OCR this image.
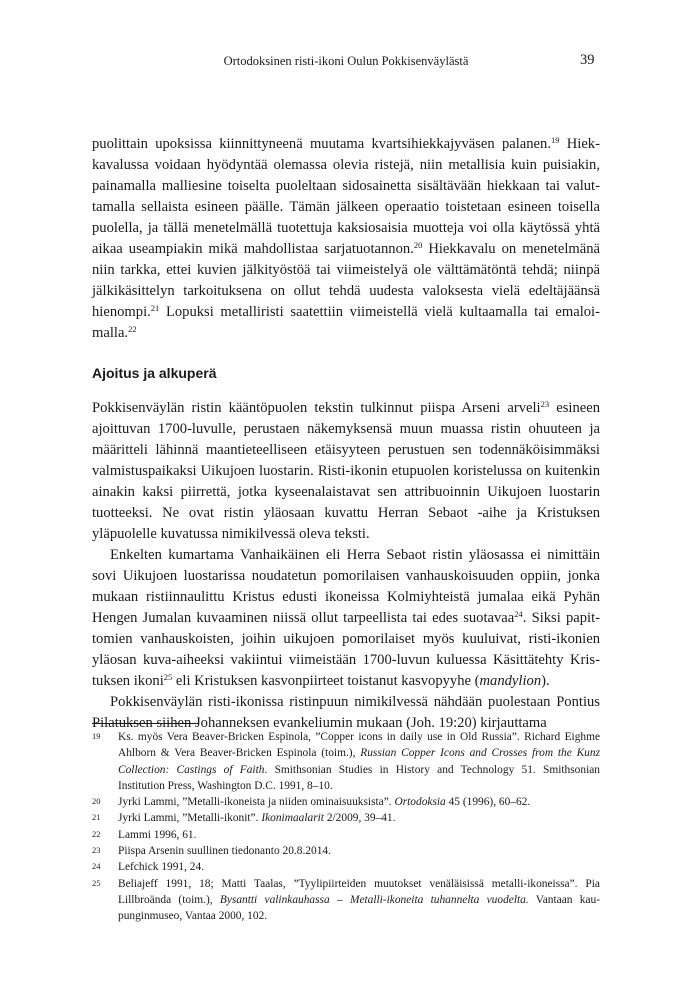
Ortodoksinen risti-ikoni Oulun Pokkisenväylästä	39

puolittain upoksissa kiinnittyneenä muutama kvartsihiekkajyväsen palanen.$^{19}$ Hiekkavalussa voidaan hyödyntää olemassa olevia ristejä, niin metallisia kuin puisiakin, painamalla malliesine toiselta puoleltaan sidosainetta sisältävään hiekkaan tai valuttamalla sellaista esineen päälle. Tämän jälkeen operaatio toistetaan esineen toisella puolella, ja tällä menetelmällä tuotettuja kaksiosaisia muotteja voi olla käytössä yhtä aikaa useampiakin mikä mahdollistaa sarjatuotannon.$^{20}$ Hiekkavalu on menetelmänä niin tarkka, ettei kuvien jälkityöstöä tai viimeistelyä ole välttämätöntä tehdä; niinpä jälkikäsittelyn tarkoituksena on ollut tehdä uudesta valoksesta vielä edeltäjäänsä hienompi.$^{21}$ Lopuksi metalliristi saatettiin viimeistellä vielä kultaamalla tai emaloimalla.$^{22}$

Ajoitus ja alkuperä

Pokkisenväylän ristin kääntöpuolen tekstin tulkinnut piispa Arseni arveli$^{23}$ esineen ajoittuvan 1700-luvulle, perustaen näkemyksensä muun muassa ristin ohuuteen ja määritteli lähinnä maantieteelliseen etäisyyteen perustuen sen todennäköisimmäksi valmistuspaikaksi Uikujoen luostarin. Risti-ikonin etupuolen koristelussa on kuitenkin ainakin kaksi piirrettä, jotka kyseenalaistavat sen attribuoinnin Uikujoen luostarin tuotteeksi. Ne ovat ristin yläosaan kuvattu Herran Sebaot -aihe ja Kristuksen yläpuolelle kuvatussa nimikilvessä oleva teksti.

Enkelten kumartama Vanhaikäinen eli Herra Sebaot ristin yläosassa ei nimittäin sovi Uikujoen luostarissa noudatetun pomorilaisen vanhauskoisuuden oppiin, jonka mukaan ristiinnaulittu Kristus edusti ikoneissa Kolmiyhteistä jumalaa eikä Pyhän Hengen Jumalan kuvaaminen niissä ollut tarpeellista tai edes suotavaa$^{24}$. Siksi papittomien vanhauskoisten, joihin uikujoen pomorilaiset myös kuuluivat, risti-ikonien yläosan kuva-aiheeksi vakiintui viimeistään 1700-luvun kuluessa Käsittätehty Kristuksen ikoni$^{25}$ eli Kristuksen kasvonpiirteet toistanut kasvopyyhe (mandylion).

Pokkisenväylän risti-ikonissa ristinpuun nimikilvessä nähdään puolestaan Pontius Pilatuksen siihen Johanneksen evankeliumin mukaan (Joh. 19:20) kirjauttama

19	Ks. myös Vera Beaver-Bricken Espinola, ”Copper icons in daily use in Old Russia”. Richard Eighme Ahlborn & Vera Beaver-Bricken Espinola (toim.), Russian Copper Icons and Crosses from the Kunz Collection: Castings of Faith. Smithsonian Studies in History and Technology 51. Smithsonian Institution Press, Washington D.C. 1991, 8–10.
20	Jyrki Lammi, ”Metalli-ikoneista ja niiden ominaisuuksista”. Ortodoksia 45 (1996), 60–62.
21	Jyrki Lammi, ”Metalli-ikonit”. Ikonimaalarit 2/2009, 39–41.
22	Lammi 1996, 61.
23	Piispa Arsenin suullinen tiedonanto 20.8.2014.
24	Lefchick 1991, 24.
25	Beliajeff 1991, 18; Matti Taalas, ”Tyylipiirteiden muutokset venäläisissä metalli-ikoneissa”. Pia Lillbroända (toim.), Bysantti valinkauhassa – Metalli-ikoneita tuhannelta vuodelta. Vantaan kaupunginmuseo, Vantaa 2000, 102.
